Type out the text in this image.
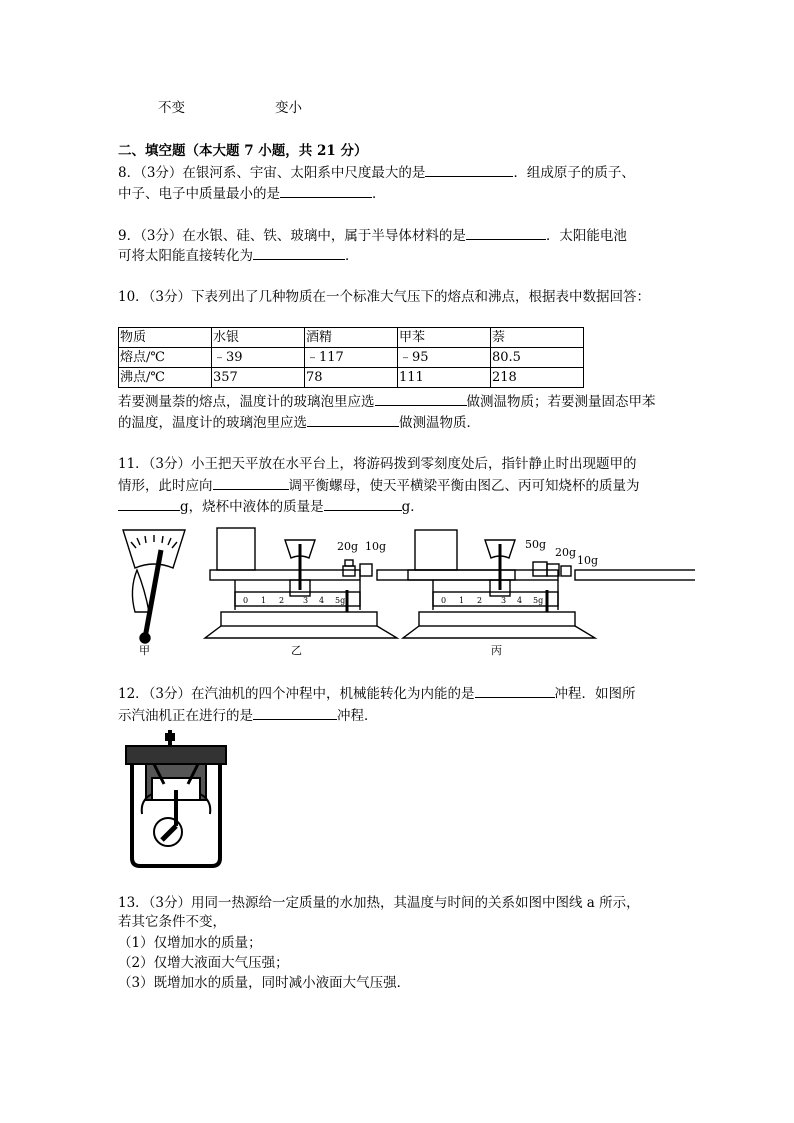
不变	变小
二、填空题（本大题 7 小题，共 21 分）
8．（3分）在银河系、宇宙、太阳系中尺度最大的是	．组成原子的质子、
中子、电子中质量最小的是	．
9．（3分）在水银、硅、铁、玻璃中，属于半导体材料的是	．太阳能电池
可将太阳能直接转化为	．
10．（3分）下表列出了几种物质在一个标准大气压下的熔点和沸点，根据表中数据回答：
物质	水银	酒精	甲苯	萘
熔点/℃	﹣39	﹣117	﹣95	80.5
沸点/℃	357	78	111	218
若要测量萘的熔点，温度计的玻璃泡里应选	做测温物质；若要测量固态甲苯
的温度，温度计的玻璃泡里应选	做测温物质．
11．（3分）小王把天平放在水平台上，将游码拨到零刻度处后，指针静止时出现题甲的
情形，此时应向	调平衡螺母，使天平横梁平衡由图乙、丙可知烧杯的质量为
g，烧杯中液体的质量是	g．
甲	乙	丙
20g 10g	50g
20g
10g
0 1 2 3 4 5g	0 1 2 3 4 5g
12．（3分）在汽油机的四个冲程中，机械能转化为内能的是	冲程．如图所
示汽油机正在进行的是	冲程．
13．（3分）用同一热源给一定质量的水加热，其温度与时间的关系如图中图线 a 所示，
若其它条件不变，
（1）仅增加水的质量；
（2）仅增大液面大气压强；
（3）既增加水的质量，同时减小液面大气压强．
